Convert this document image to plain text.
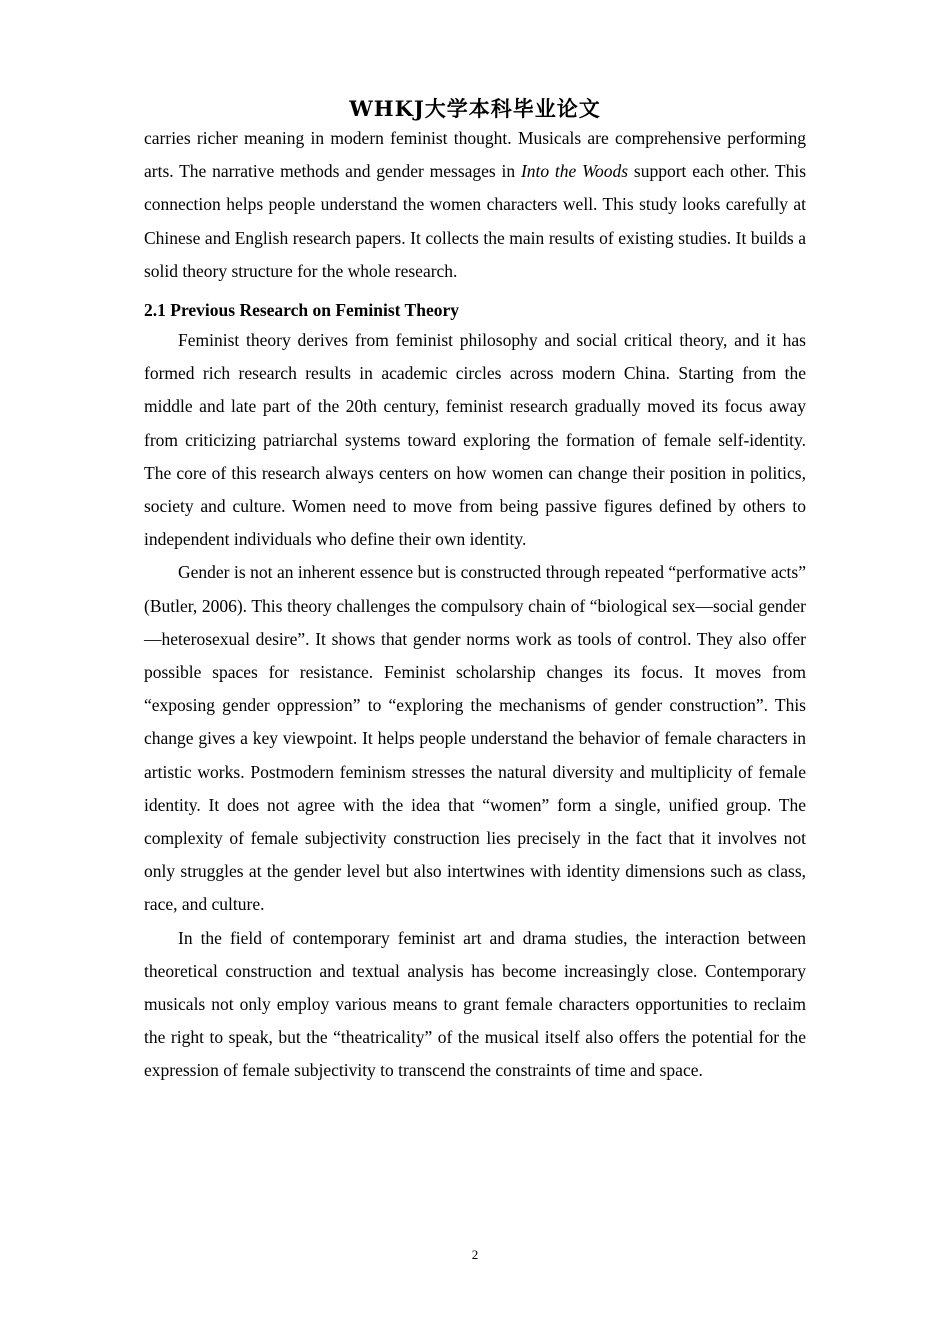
WHKJ大学本科毕业论文

carries richer meaning in modern feminist thought. Musicals are comprehensive performing arts. The narrative methods and gender messages in Into the Woods support each other. This connection helps people understand the women characters well. This study looks carefully at Chinese and English research papers. It collects the main results of existing studies. It builds a solid theory structure for the whole research.

2.1 Previous Research on Feminist Theory

Feminist theory derives from feminist philosophy and social critical theory, and it has formed rich research results in academic circles across modern China. Starting from the middle and late part of the 20th century, feminist research gradually moved its focus away from criticizing patriarchal systems toward exploring the formation of female self-identity. The core of this research always centers on how women can change their position in politics, society and culture. Women need to move from being passive figures defined by others to independent individuals who define their own identity.

Gender is not an inherent essence but is constructed through repeated “performative acts” (Butler, 2006). This theory challenges the compulsory chain of “biological sex—social gender—heterosexual desire”. It shows that gender norms work as tools of control. They also offer possible spaces for resistance. Feminist scholarship changes its focus. It moves from “exposing gender oppression” to “exploring the mechanisms of gender construction”. This change gives a key viewpoint. It helps people understand the behavior of female characters in artistic works. Postmodern feminism stresses the natural diversity and multiplicity of female identity. It does not agree with the idea that “women” form a single, unified group. The complexity of female subjectivity construction lies precisely in the fact that it involves not only struggles at the gender level but also intertwines with identity dimensions such as class, race, and culture.

In the field of contemporary feminist art and drama studies, the interaction between theoretical construction and textual analysis has become increasingly close. Contemporary musicals not only employ various means to grant female characters opportunities to reclaim the right to speak, but the “theatricality” of the musical itself also offers the potential for the expression of female subjectivity to transcend the constraints of time and space.

2
